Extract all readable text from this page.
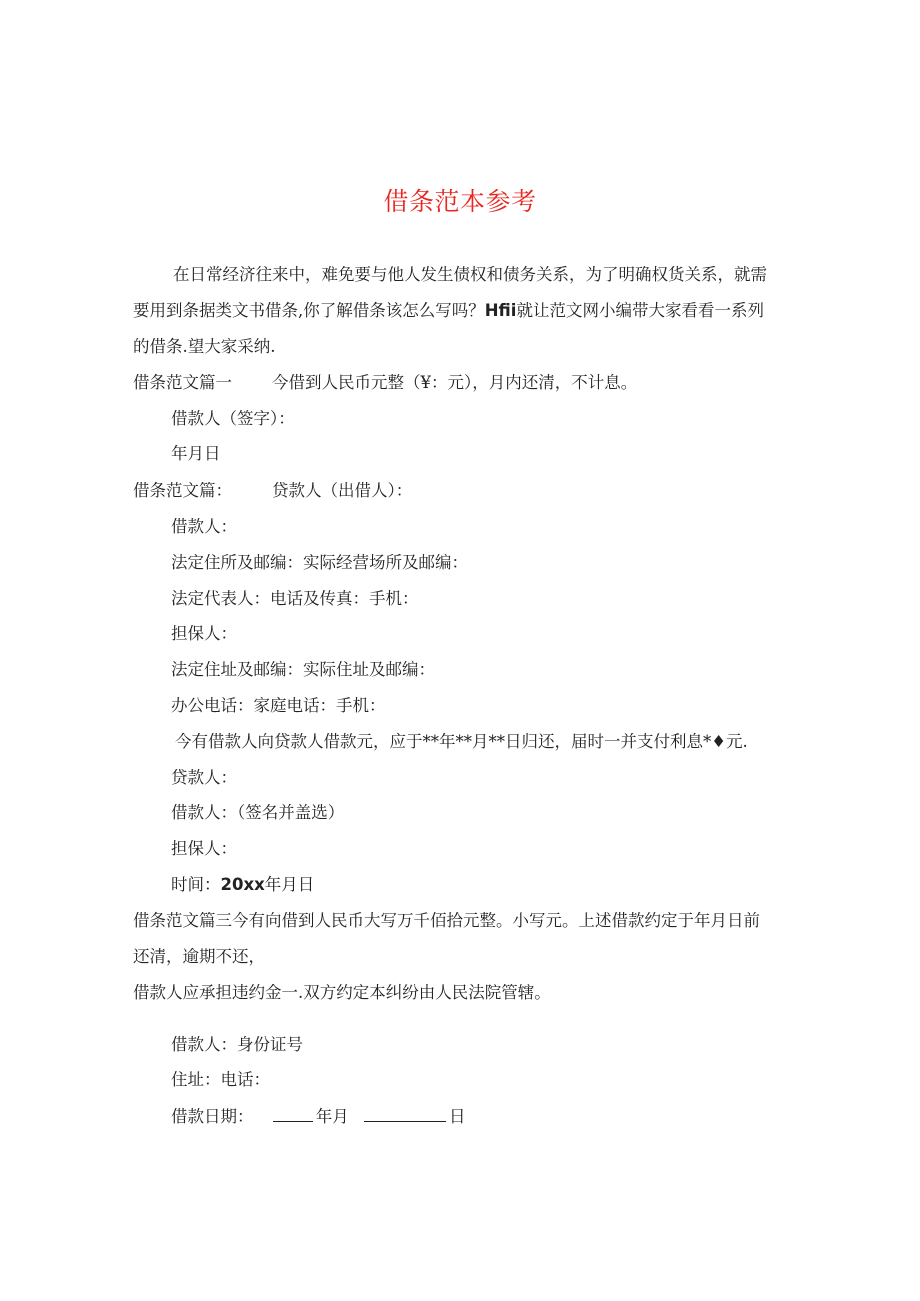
借条范本参考
在日常经济往来中，难免要与他人发生债权和债务关系，为了明确权货关系，就需
要用到条据类文书借条,你了解借条该怎么写吗？Hfii就让范文网小编带大家看看一系列
的借条.望大家采纳.
借条范文篇一 今借到人民币元整（¥：元），月内还清，不计息。
借款人（签字）：
年月日
借条范文篇： 贷款人（出借人）：
借款人：
法定住所及邮编：实际经营场所及邮编：
法定代表人：电话及传真：手机：
担保人：
法定住址及邮编：实际住址及邮编：
办公电话：家庭电话：手机：
今有借款人向贷款人借款元，应于**年**月**日归还，届时一并支付利息*♦元.
贷款人：
借款人：（签名并盖选）
担保人：
时间：20xx年月日
借条范文篇三今有向借到人民币大写万千佰拾元整。小写元。上述借款约定于年月日前
还清，逾期不还，
借款人应承担违约金一.双方约定本纠纷由人民法院管辖。
借款人：身份证号
住址：电话：
借款日期：	年月	日
